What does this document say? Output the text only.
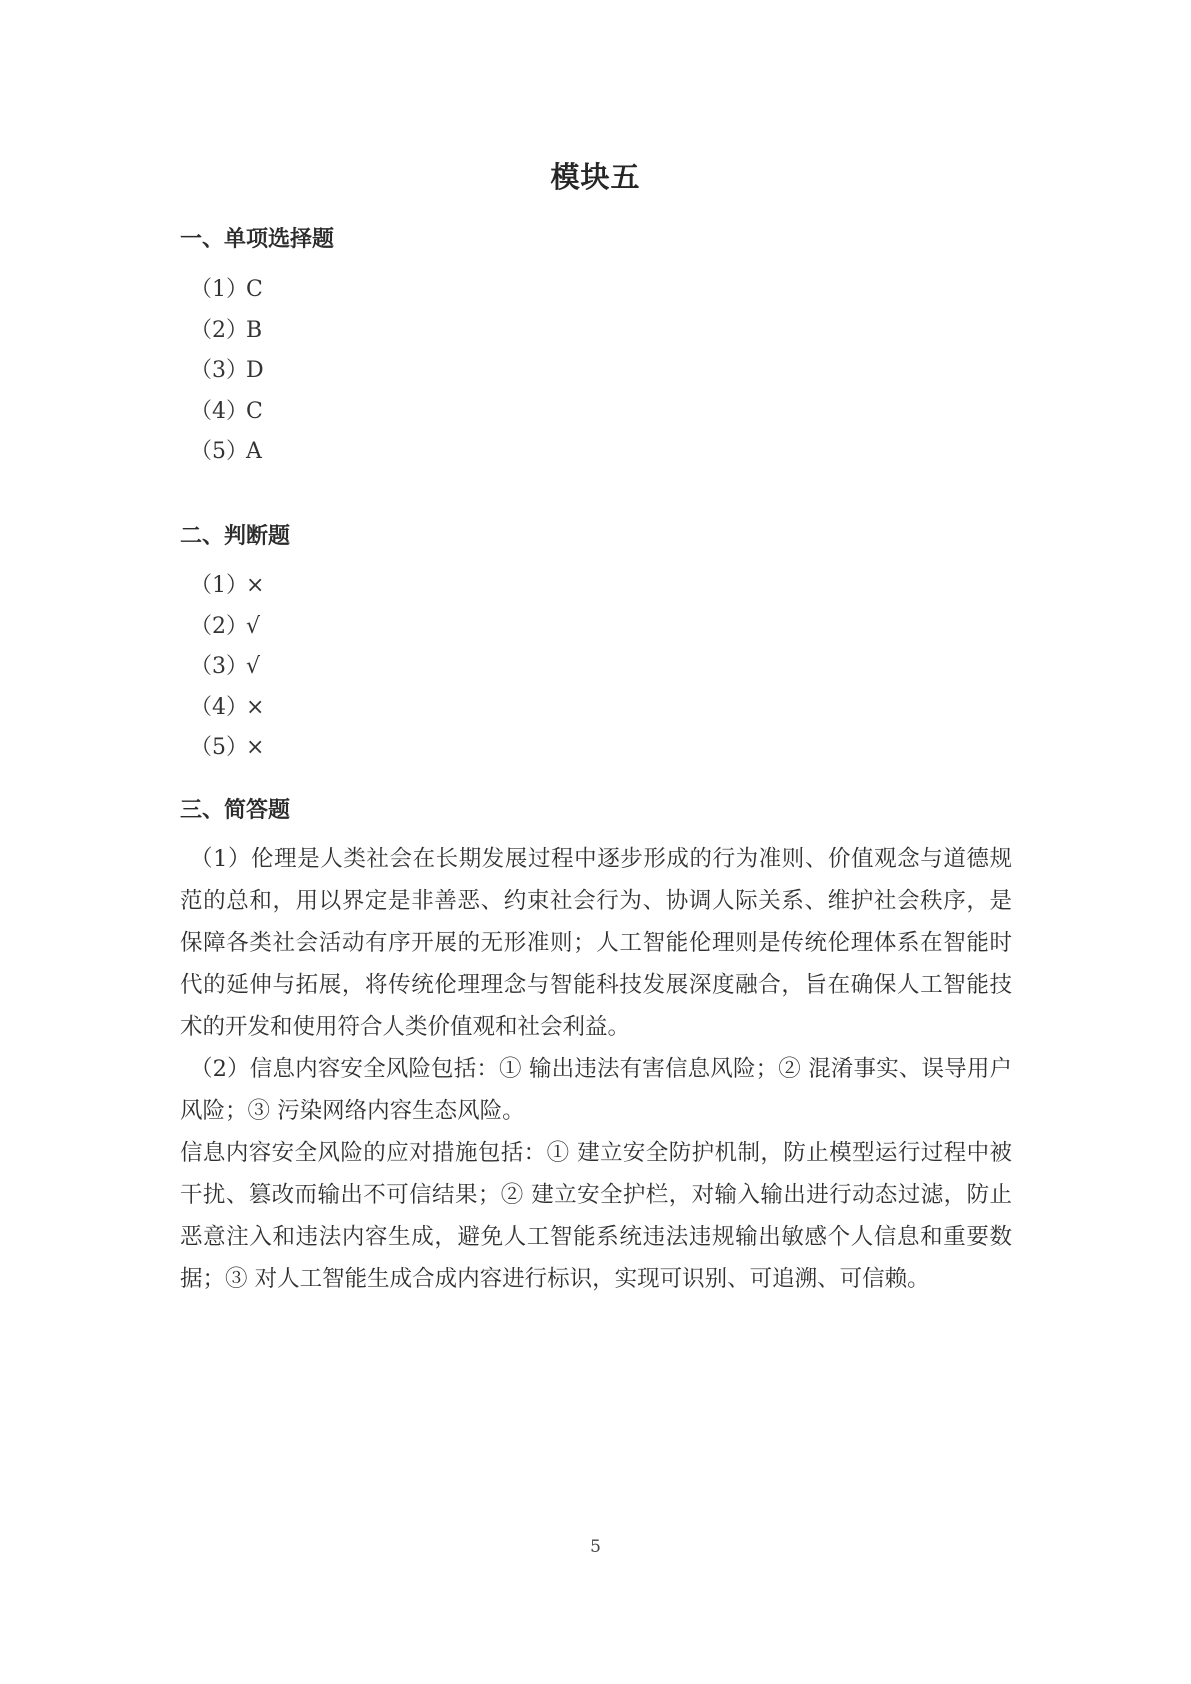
模块五
一、单项选择题
（1）C
（2）B
（3）D
（4）C
（5）A
二、判断题
（1）×
（2）√
（3）√
（4）×
（5）×
三、简答题

（1）伦理是人类社会在长期发展过程中逐步形成的行为准则、价值观念与道德规范的总和，用以界定是非善恶、约束社会行为、协调人际关系、维护社会秩序，是保障各类社会活动有序开展的无形准则；人工智能伦理则是传统伦理体系在智能时代的延伸与拓展，将传统伦理理念与智能科技发展深度融合，旨在确保人工智能技术的开发和使用符合人类价值观和社会利益。

（2）信息内容安全风险包括：① 输出违法有害信息风险；② 混淆事实、误导用户风险；③ 污染网络内容生态风险。

信息内容安全风险的应对措施包括：① 建立安全防护机制，防止模型运行过程中被干扰、篡改而输出不可信结果；② 建立安全护栏，对输入输出进行动态过滤，防止恶意注入和违法内容生成，避免人工智能系统违法违规输出敏感个人信息和重要数据；③ 对人工智能生成合成内容进行标识，实现可识别、可追溯、可信赖。

5
